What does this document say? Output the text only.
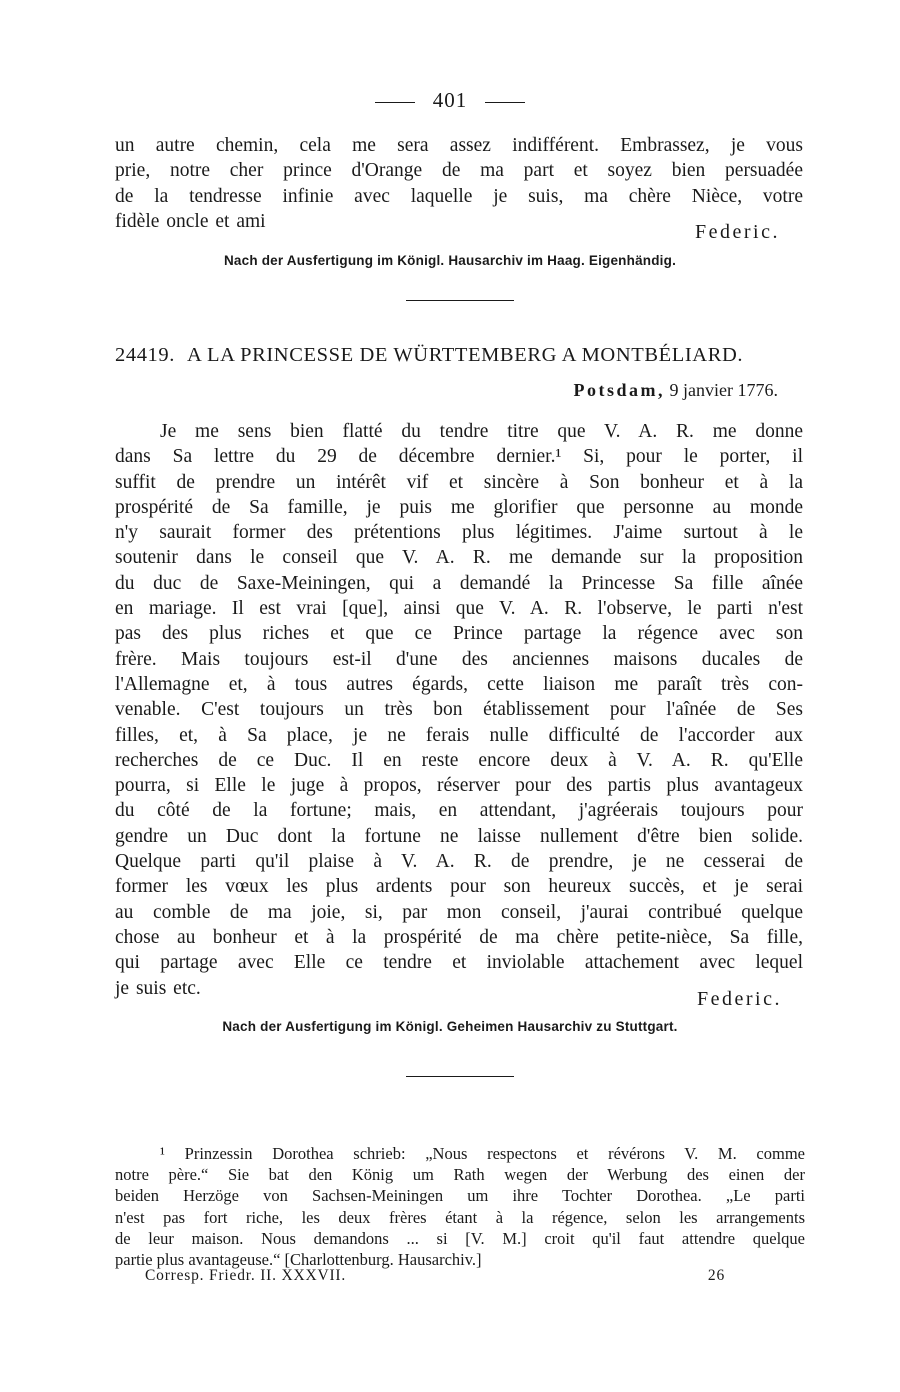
401
un autre chemin, cela me sera assez indifférent. Embrassez, je vous
prie, notre cher prince d'Orange de ma part et soyez bien persuadée
de la tendresse infinie avec laquelle je suis, ma chère Nièce, votre
fidèle oncle et ami	Federic.
Nach der Ausfertigung im Königl. Hausarchiv im Haag. Eigenhändig.
24419. A LA PRINCESSE DE WÜRTTEMBERG A MONTBÉLIARD.
Potsdam, 9 janvier 1776.
Je me sens bien flatté du tendre titre que V. A. R. me donne
dans Sa lettre du 29 de décembre dernier.¹ Si, pour le porter, il
suffit de prendre un intérêt vif et sincère à Son bonheur et à la
prospérité de Sa famille, je puis me glorifier que personne au monde
n'y saurait former des prétentions plus légitimes. J'aime surtout à le
soutenir dans le conseil que V. A. R. me demande sur la proposition
du duc de Saxe-Meiningen, qui a demandé la Princesse Sa fille aînée
en mariage. Il est vrai [que], ainsi que V. A. R. l'observe, le parti n'est
pas des plus riches et que ce Prince partage la régence avec son
frère. Mais toujours est-il d'une des anciennes maisons ducales de
l'Allemagne et, à tous autres égards, cette liaison me paraît très con-
venable. C'est toujours un très bon établissement pour l'aînée de Ses
filles, et, à Sa place, je ne ferais nulle difficulté de l'accorder aux
recherches de ce Duc. Il en reste encore deux à V. A. R. qu'Elle
pourra, si Elle le juge à propos, réserver pour des partis plus avantageux
du côté de la fortune; mais, en attendant, j'agréerais toujours pour
gendre un Duc dont la fortune ne laisse nullement d'être bien solide.
Quelque parti qu'il plaise à V. A. R. de prendre, je ne cesserai de
former les vœux les plus ardents pour son heureux succès, et je serai
au comble de ma joie, si, par mon conseil, j'aurai contribué quelque
chose au bonheur et à la prospérité de ma chère petite-nièce, Sa fille,
qui partage avec Elle ce tendre et inviolable attachement avec lequel
je suis etc.	Federic.
Nach der Ausfertigung im Königl. Geheimen Hausarchiv zu Stuttgart.
¹ Prinzessin Dorothea schrieb: „Nous respectons et révérons V. M. comme
notre père.“ Sie bat den König um Rath wegen der Werbung des einen der
beiden Herzöge von Sachsen-Meiningen um ihre Tochter Dorothea. „Le parti
n'est pas fort riche, les deux frères étant à la régence, selon les arrangements
de leur maison. Nous demandons ... si [V. M.] croit qu'il faut attendre quelque
partie plus avantageuse.“ [Charlottenburg. Hausarchiv.]
Corresp. Friedr. II. XXXVII.	26
